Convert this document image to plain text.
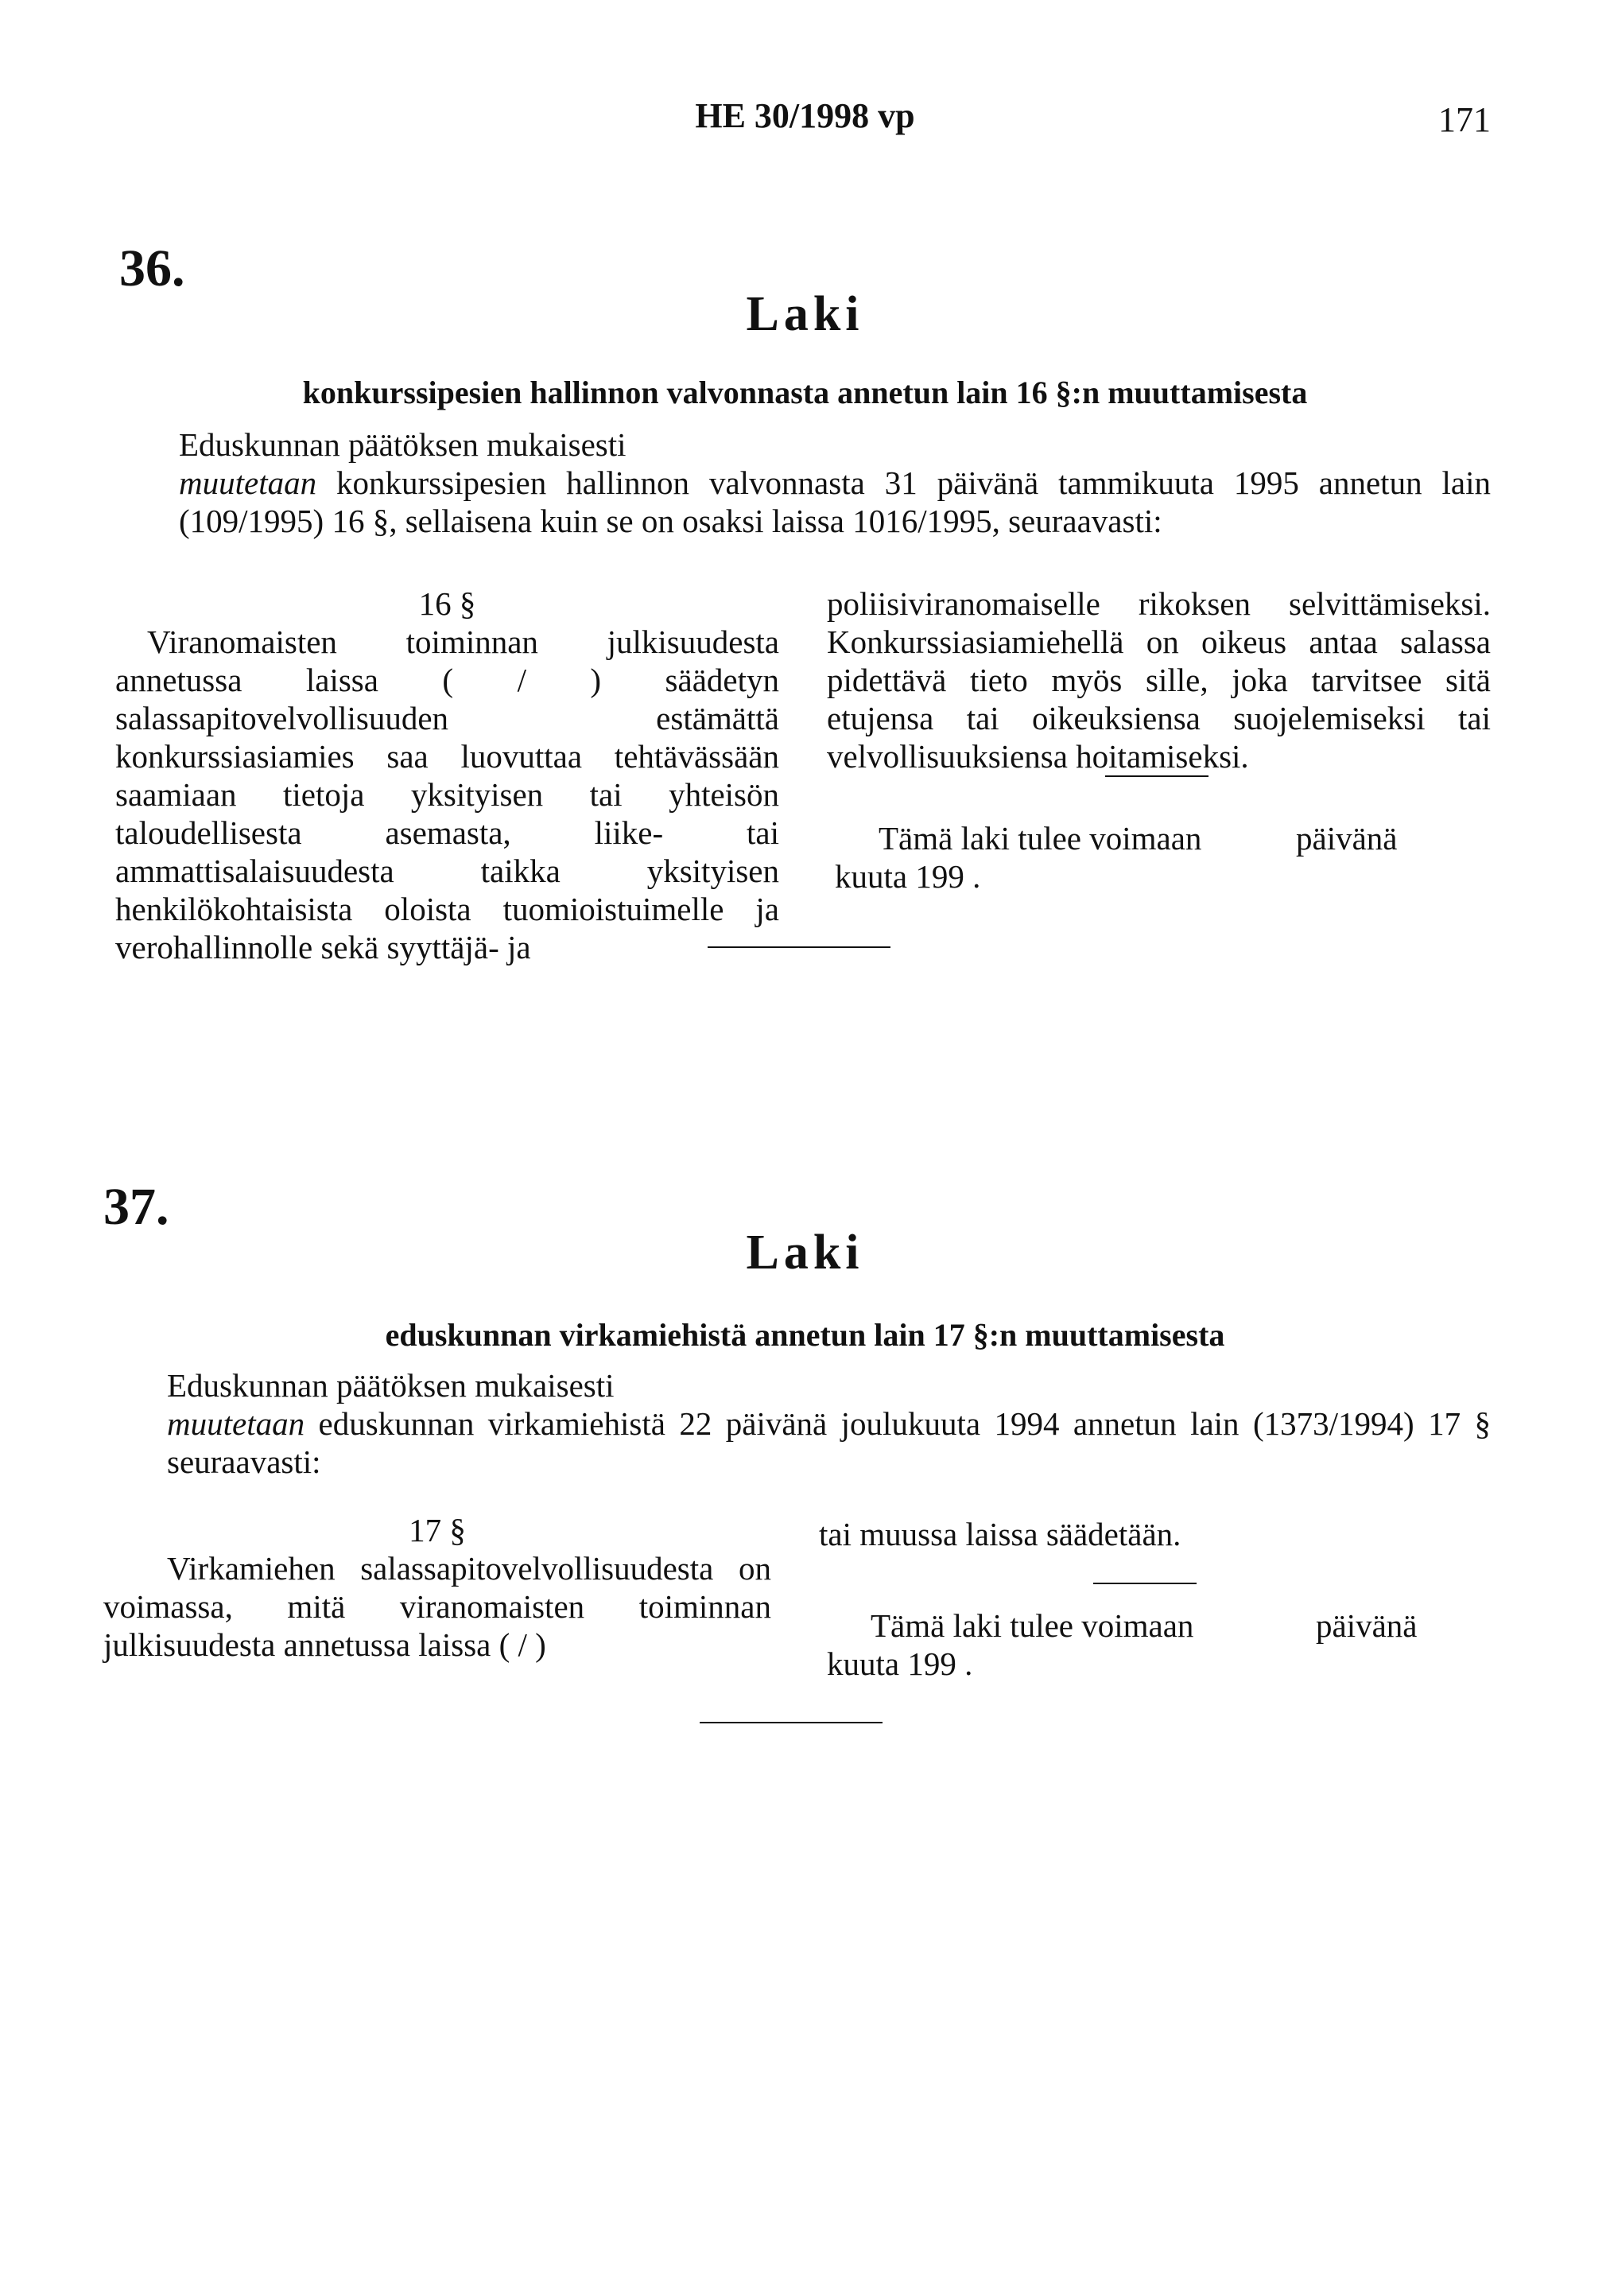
HE 30/1998 vp	171
36.
Laki
konkurssipesien hallinnon valvonnasta annetun lain 16 §:n muuttamisesta

Eduskunnan päätöksen mukaisesti

muutetaan konkurssipesien hallinnon valvonnasta 31 päivänä tammikuuta 1995 annetun lain (109/1995) 16 §, sellaisena kuin se on osaksi laissa 1016/1995, seuraavasti:

16 §

Viranomaisten toiminnan julkisuudesta annetussa laissa ( / ) säädetyn salassapitovelvollisuuden estämättä konkurssiasiamies saa luovuttaa tehtävässään saamiaan tietoja yksityisen tai yhteisön taloudellisesta asemasta, liike- tai ammattisalaisuudesta taikka yksityisen henkilökohtaisista oloista tuomioistuimelle ja verohallinnolle sekä syyttäjä- ja

poliisiviranomaiselle rikoksen selvittämiseksi. Konkurssiasiamiehellä on oikeus antaa salassa pidettävä tieto myös sille, joka tarvitsee sitä etujensa tai oikeuksiensa suojelemiseksi tai velvollisuuksiensa hoitamiseksi.

Tämä laki tulee voimaan	päivänä
kuuta 199 .
37.
Laki
eduskunnan virkamiehistä annetun lain 17 §:n muuttamisesta

Eduskunnan päätöksen mukaisesti

muutetaan eduskunnan virkamiehistä 22 päivänä joulukuuta 1994 annetun lain (1373/1994) 17 § seuraavasti:

17 §

Virkamiehen salassapitovelvollisuudesta on voimassa, mitä viranomaisten toiminnan julkisuudesta annetussa laissa ( / )

tai muussa laissa säädetään.

Tämä laki tulee voimaan	päivänä
kuuta 199 .
